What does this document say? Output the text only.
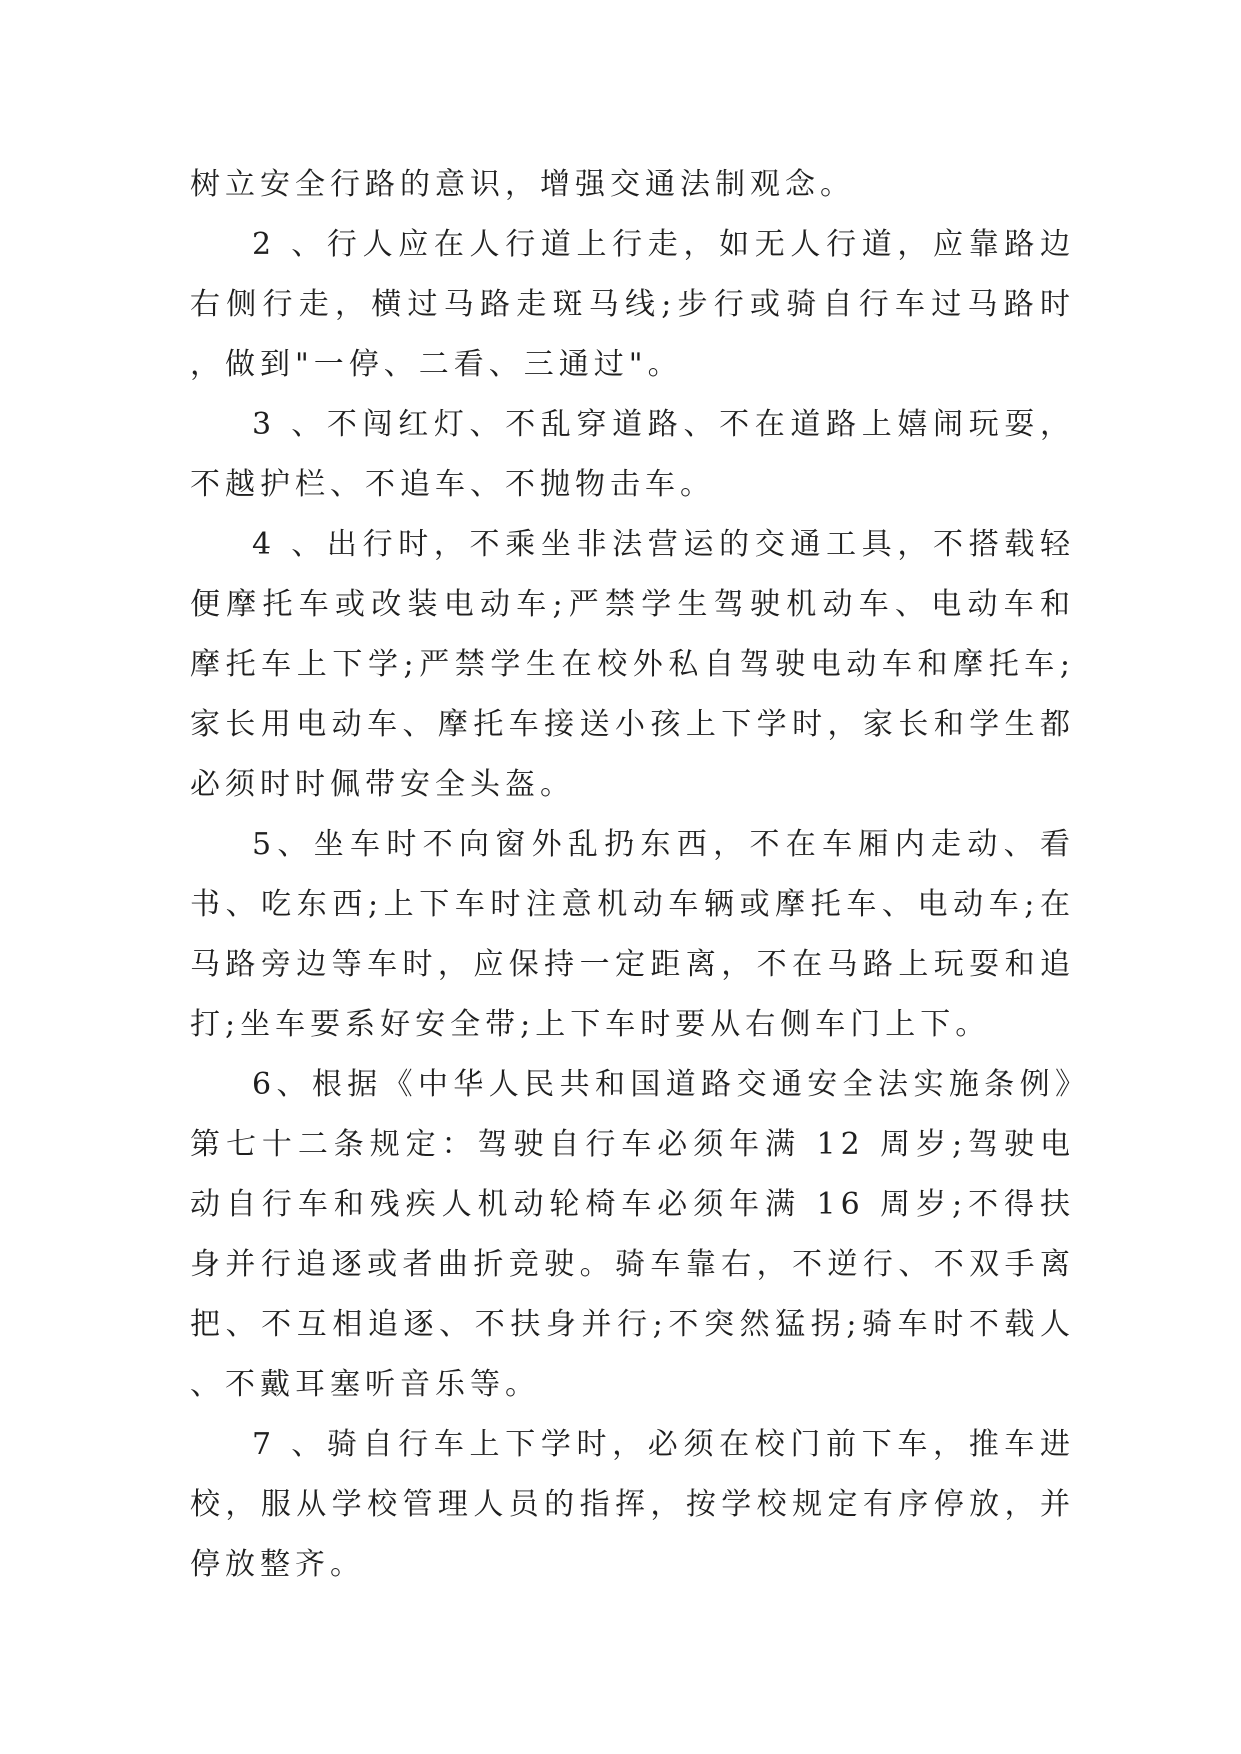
树立安全行路的意识，增强交通法制观念。

2 、行人应在人行道上行走，如无人行道，应靠路边右侧行走，横过马路走斑马线;步行或骑自行车过马路时，做到"一停、二看、三通过"。

3 、不闯红灯、不乱穿道路、不在道路上嬉闹玩耍，不越护栏、不追车、不抛物击车。

4 、出行时，不乘坐非法营运的交通工具，不搭载轻便摩托车或改装电动车;严禁学生驾驶机动车、电动车和摩托车上下学;严禁学生在校外私自驾驶电动车和摩托车;家长用电动车、摩托车接送小孩上下学时，家长和学生都必须时时佩带安全头盔。

5、坐车时不向窗外乱扔东西，不在车厢内走动、看书、吃东西;上下车时注意机动车辆或摩托车、电动车;在马路旁边等车时，应保持一定距离，不在马路上玩耍和追打;坐车要系好安全带;上下车时要从右侧车门上下。

6、根据《中华人民共和国道路交通安全法实施条例》第七十二条规定：驾驶自行车必须年满 12 周岁;驾驶电动自行车和残疾人机动轮椅车必须年满 16 周岁;不得扶身并行追逐或者曲折竞驶。骑车靠右，不逆行、不双手离把、不互相追逐、不扶身并行;不突然猛拐;骑车时不载人、不戴耳塞听音乐等。

7 、骑自行车上下学时，必须在校门前下车，推车进校，服从学校管理人员的指挥，按学校规定有序停放，并停放整齐。
